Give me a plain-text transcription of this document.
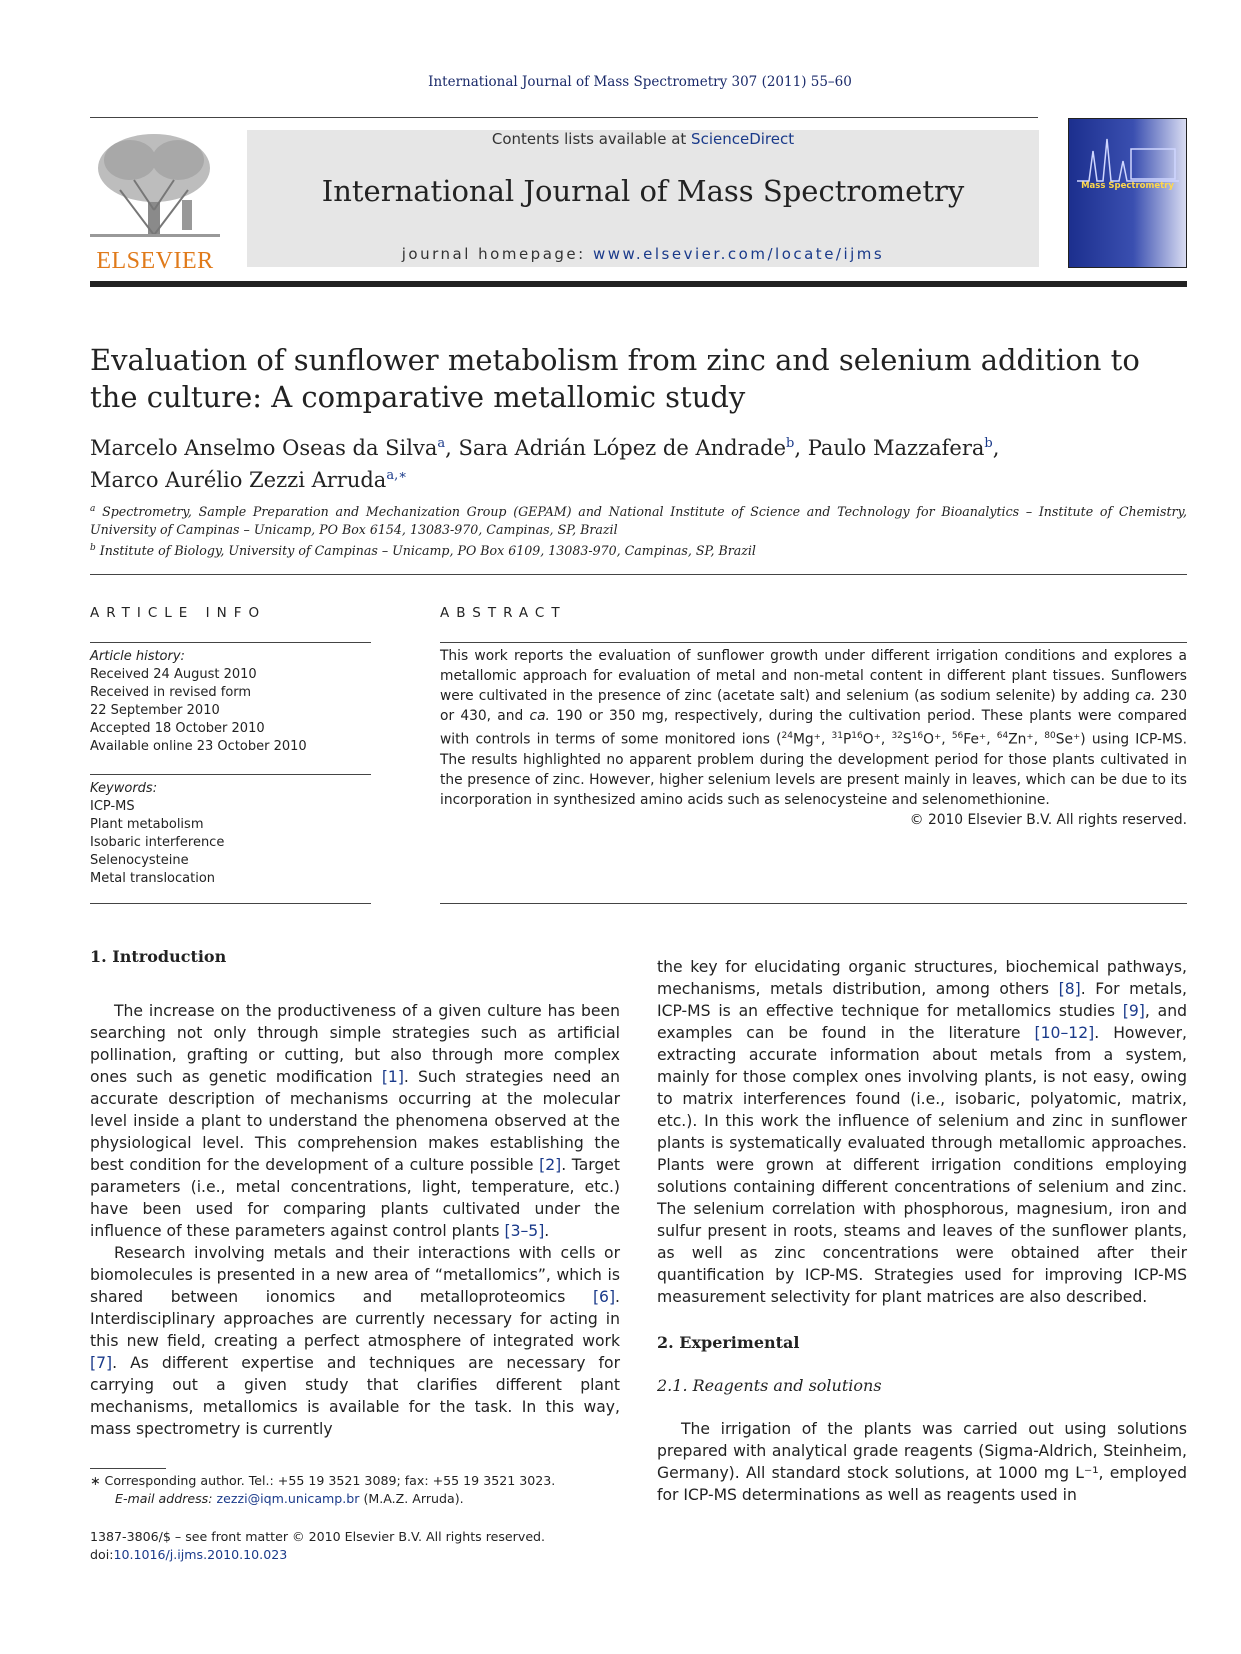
International Journal of Mass Spectrometry 307 (2011) 55–60
ELSEVIER
Contents lists available at ScienceDirect
International Journal of Mass Spectrometry
journal homepage: www.elsevier.com/locate/ijms
Mass Spectrometry
Evaluation of sunflower metabolism from zinc and selenium addition to the culture: A comparative metallomic study
Marcelo Anselmo Oseas da Silva$^a$, Sara Adrián López de Andrade$^b$, Paulo Mazzafera$^b$,
Marco Aurélio Zezzi Arruda$^{a,∗}$
$^a$ Spectrometry, Sample Preparation and Mechanization Group (GEPAM) and National Institute of Science and Technology for Bioanalytics – Institute of Chemistry, University of Campinas – Unicamp, PO Box 6154, 13083-970, Campinas, SP, Brazil
$^b$ Institute of Biology, University of Campinas – Unicamp, PO Box 6109, 13083-970, Campinas, SP, Brazil
ARTICLE INFO	ABSTRACT
Article history:
Received 24 August 2010
Received in revised form
22 September 2010
Accepted 18 October 2010
Available online 23 October 2010
Keywords:
ICP-MS
Plant metabolism
Isobaric interference
Selenocysteine
Metal translocation
This work reports the evaluation of sunflower growth under different irrigation conditions and explores a metallomic approach for evaluation of metal and non-metal content in different plant tissues. Sunflowers were cultivated in the presence of zinc (acetate salt) and selenium (as sodium selenite) by adding ca. 230 or 430, and ca. 190 or 350 mg, respectively, during the cultivation period. These plants were compared with controls in terms of some monitored ions ($^{24}$Mg⁺, $^{31}P^{16}O^+$, $^{32}S^{16}O^+$, $^{56}$Fe⁺, $^{64}$Zn⁺, $^{80}$Se⁺) using ICP-MS. The results highlighted no apparent problem during the development period for those plants cultivated in the presence of zinc. However, higher selenium levels are present mainly in leaves, which can be due to its incorporation in synthesized amino acids such as selenocysteine and selenomethionine.
© 2010 Elsevier B.V. All rights reserved.
1. Introduction

The increase on the productiveness of a given culture has been searching not only through simple strategies such as artificial pollination, grafting or cutting, but also through more complex ones such as genetic modification [1]. Such strategies need an accurate description of mechanisms occurring at the molecular level inside a plant to understand the phenomena observed at the physiological level. This comprehension makes establishing the best condition for the development of a culture possible [2]. Target parameters (i.e., metal concentrations, light, temperature, etc.) have been used for comparing plants cultivated under the influence of these parameters against control plants [3–5].

Research involving metals and their interactions with cells or biomolecules is presented in a new area of “metallomics”, which is shared between ionomics and metalloproteomics [6]. Interdisciplinary approaches are currently necessary for acting in this new field, creating a perfect atmosphere of integrated work [7]. As different expertise and techniques are necessary for carrying out a given study that clarifies different plant mechanisms, metallomics is available for the task. In this way, mass spectrometry is currently

the key for elucidating organic structures, biochemical pathways, mechanisms, metals distribution, among others [8]. For metals, ICP-MS is an effective technique for metallomics studies [9], and examples can be found in the literature [10–12]. However, extracting accurate information about metals from a system, mainly for those complex ones involving plants, is not easy, owing to matrix interferences found (i.e., isobaric, polyatomic, matrix, etc.). In this work the influence of selenium and zinc in sunflower plants is systematically evaluated through metallomic approaches. Plants were grown at different irrigation conditions employing solutions containing different concentrations of selenium and zinc. The selenium correlation with phosphorous, magnesium, iron and sulfur present in roots, steams and leaves of the sunflower plants, as well as zinc concentrations were obtained after their quantification by ICP-MS. Strategies used for improving ICP-MS measurement selectivity for plant matrices are also described.

2. Experimental
2.1. Reagents and solutions

The irrigation of the plants was carried out using solutions prepared with analytical grade reagents (Sigma-Aldrich, Steinheim, Germany). All standard stock solutions, at 1000 mg L⁻¹, employed for ICP-MS determinations as well as reagents used in

∗ Corresponding author. Tel.: +55 19 3521 3089; fax: +55 19 3521 3023.
E-mail address: zezzi@iqm.unicamp.br (M.A.Z. Arruda).
1387-3806/$ – see front matter © 2010 Elsevier B.V. All rights reserved.
doi:10.1016/j.ijms.2010.10.023
